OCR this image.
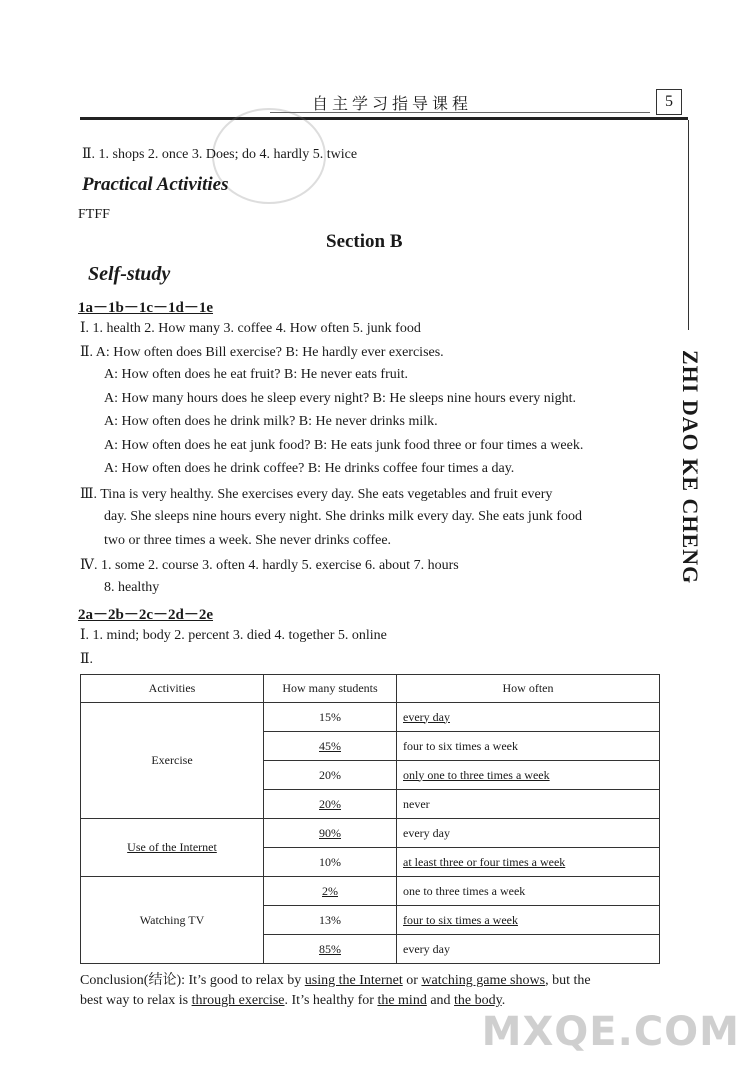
自主学习指导课程	5
ZHI DAO KE CHENG
Ⅱ. 1. shops 2. once 3. Does; do 4. hardly 5. twice
Practical Activities
FTFF
Section B
Self-study
1a－1b－1c－1d－1e
Ⅰ. 1. health 2. How many 3. coffee 4. How often 5. junk food
Ⅱ. A: How often does Bill exercise? B: He hardly ever exercises.
A: How often does he eat fruit? B: He never eats fruit.
A: How many hours does he sleep every night? B: He sleeps nine hours every night.
A: How often does he drink milk? B: He never drinks milk.
A: How often does he eat junk food? B: He eats junk food three or four times a week.
A: How often does he drink coffee? B: He drinks coffee four times a day.
Ⅲ. Tina is very healthy. She exercises every day. She eats vegetables and fruit every
day. She sleeps nine hours every night. She drinks milk every day. She eats junk food
two or three times a week. She never drinks coffee.
Ⅳ. 1. some 2. course 3. often 4. hardly 5. exercise 6. about 7. hours
8. healthy
2a－2b－2c－2d－2e
Ⅰ. 1. mind; body 2. percent 3. died 4. together 5. online
Ⅱ.
Activities	How many students	How often
Exercise	15%	every day
	45%	four to six times a week
	20%	only one to three times a week
	20%	never
Use of the Internet	90%	every day
	10%	at least three or four times a week
Watching TV	2%	one to three times a week
	13%	four to six times a week
	85%	every day
Conclusion(结论): It’s good to relax by using the Internet or watching game shows, but the
best way to relax is through exercise. It’s healthy for the mind and the body.
MXQE.COM
